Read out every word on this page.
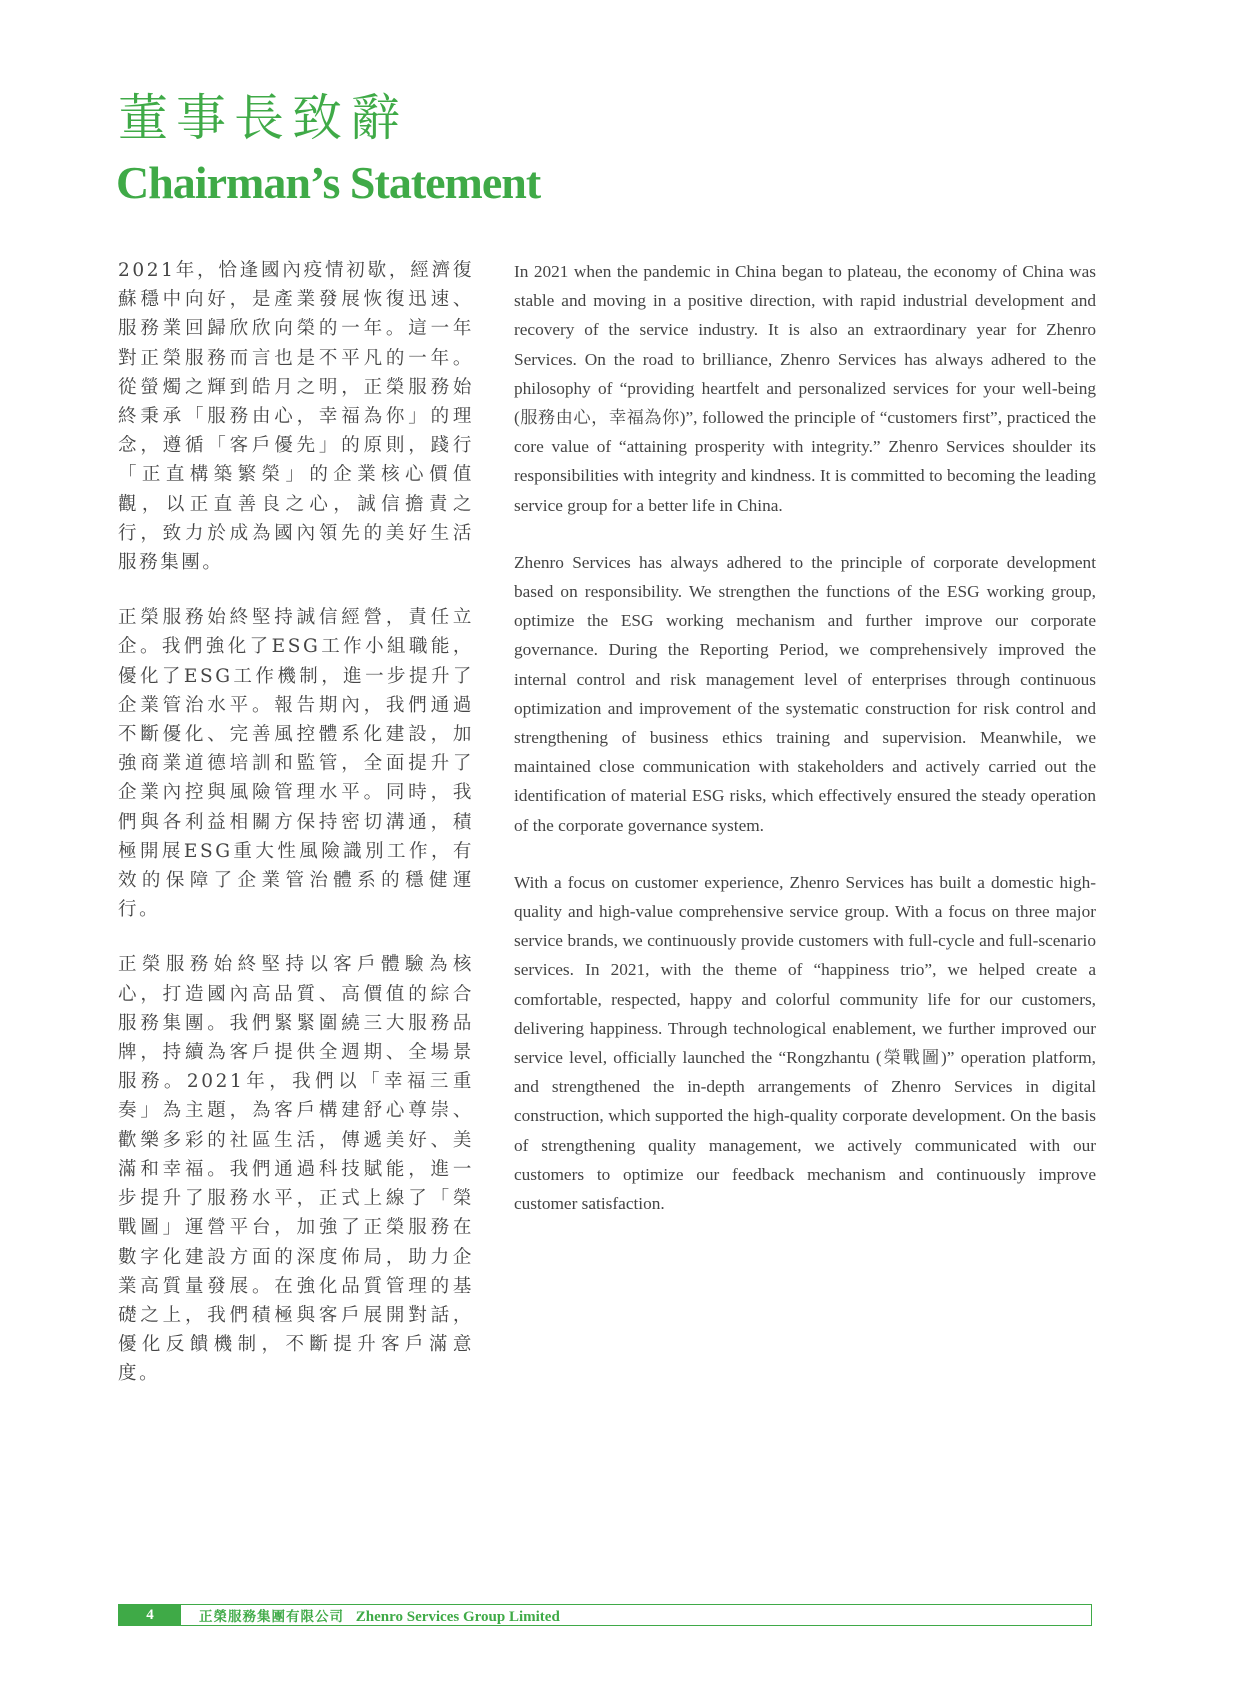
董事長致辭
Chairman’s Statement

2021年，恰逢國內疫情初歇，經濟復蘇穩中向好，是產業發展恢復迅速、服務業回歸欣欣向榮的一年。這一年對正榮服務而言也是不平凡的一年。從螢燭之輝到皓月之明，正榮服務始終秉承「服務由心，幸福為你」的理念，遵循「客戶優先」的原則，踐行「正直構築繁榮」的企業核心價值觀，以正直善良之心，誠信擔責之行，致力於成為國內領先的美好生活服務集團。

正榮服務始終堅持誠信經營，責任立企。我們強化了ESG工作小組職能，優化了ESG工作機制，進一步提升了企業管治水平。報告期內，我們通過不斷優化、完善風控體系化建設，加強商業道德培訓和監管，全面提升了企業內控與風險管理水平。同時，我們與各利益相關方保持密切溝通，積極開展ESG重大性風險識別工作，有效的保障了企業管治體系的穩健運行。

正榮服務始終堅持以客戶體驗為核心，打造國內高品質、高價值的綜合服務集團。我們緊緊圍繞三大服務品牌，持續為客戶提供全週期、全場景服務。2021年，我們以「幸福三重奏」為主題，為客戶構建舒心尊崇、歡樂多彩的社區生活，傳遞美好、美滿和幸福。我們通過科技賦能，進一步提升了服務水平，正式上線了「榮戰圖」運營平台，加強了正榮服務在數字化建設方面的深度佈局，助力企業高質量發展。在強化品質管理的基礎之上，我們積極與客戶展開對話，優化反饋機制，不斷提升客戶滿意度。

In 2021 when the pandemic in China began to plateau, the economy of China was stable and moving in a positive direction, with rapid industrial development and recovery of the service industry. It is also an extraordinary year for Zhenro Services. On the road to brilliance, Zhenro Services has always adhered to the philosophy of “providing heartfelt and personalized services for your well-being (服務由心，幸福為你)”, followed the principle of “customers first”, practiced the core value of “attaining prosperity with integrity.” Zhenro Services shoulder its responsibilities with integrity and kindness. It is committed to becoming the leading service group for a better life in China.

Zhenro Services has always adhered to the principle of corporate development based on responsibility. We strengthen the functions of the ESG working group, optimize the ESG working mechanism and further improve our corporate governance. During the Reporting Period, we comprehensively improved the internal control and risk management level of enterprises through continuous optimization and improvement of the systematic construction for risk control and strengthening of business ethics training and supervision. Meanwhile, we maintained close communication with stakeholders and actively carried out the identification of material ESG risks, which effectively ensured the steady operation of the corporate governance system.

With a focus on customer experience, Zhenro Services has built a domestic high-quality and high-value comprehensive service group. With a focus on three major service brands, we continuously provide customers with full-cycle and full-scenario services. In 2021, with the theme of “happiness trio”, we helped create a comfortable, respected, happy and colorful community life for our customers, delivering happiness. Through technological enablement, we further improved our service level, officially launched the “Rongzhantu (榮戰圖)” operation platform, and strengthened the in-depth arrangements of Zhenro Services in digital construction, which supported the high-quality corporate development. On the basis of strengthening quality management, we actively communicated with our customers to optimize our feedback mechanism and continuously improve customer satisfaction.

4	正榮服務集團有限公司 Zhenro Services Group Limited
